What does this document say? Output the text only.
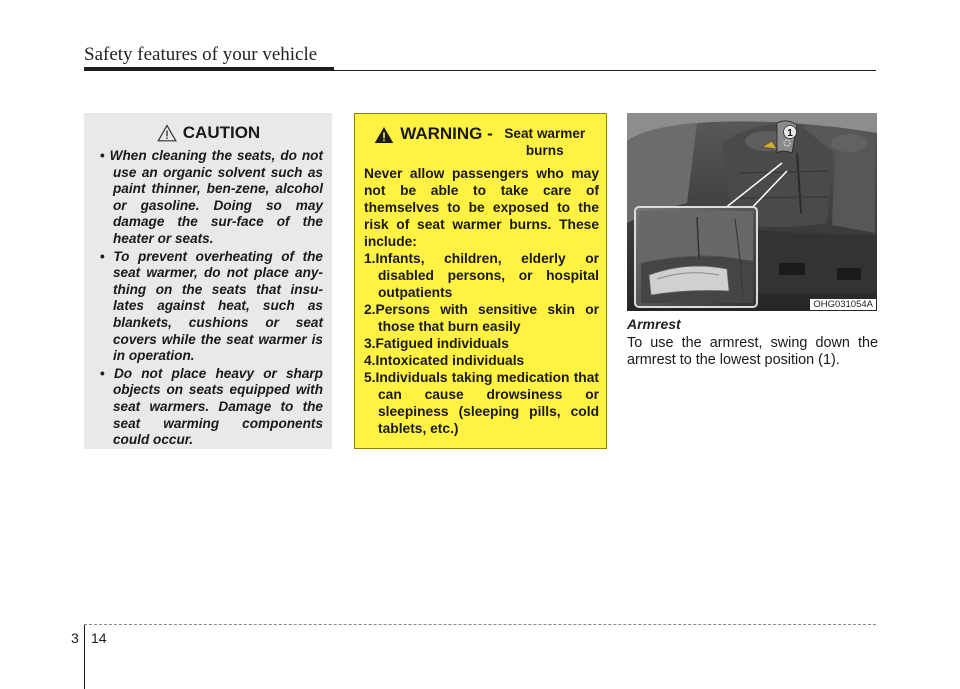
Safety features of your vehicle
CAUTION
• When cleaning the seats, do not use an organic solvent such as paint thinner, ben-zene, alcohol or gasoline. Doing so may damage the sur-face of the heater or seats.
• To prevent overheating of the seat warmer, do not place any-thing on the seats that insu-lates against heat, such as blankets, cushions or seat covers while the seat warmer is in operation.
• Do not place heavy or sharp objects on seats equipped with seat warmers. Damage to the seat warming components could occur.
WARNING - Seat warmer burns

Never allow passengers who may not be able to take care of themselves to be exposed to the risk of seat warmer burns. These include:

1.Infants, children, elderly or disabled persons, or hospital outpatients
2.Persons with sensitive skin or those that burn easily
3.Fatigued individuals
4.Intoxicated individuals
5.Individuals taking medication that can cause drowsiness or sleepiness (sleeping pills, cold tablets, etc.)
1
OHG031054A
Armrest

To use the armrest, swing down the armrest to the lowest position (1).

3 14
